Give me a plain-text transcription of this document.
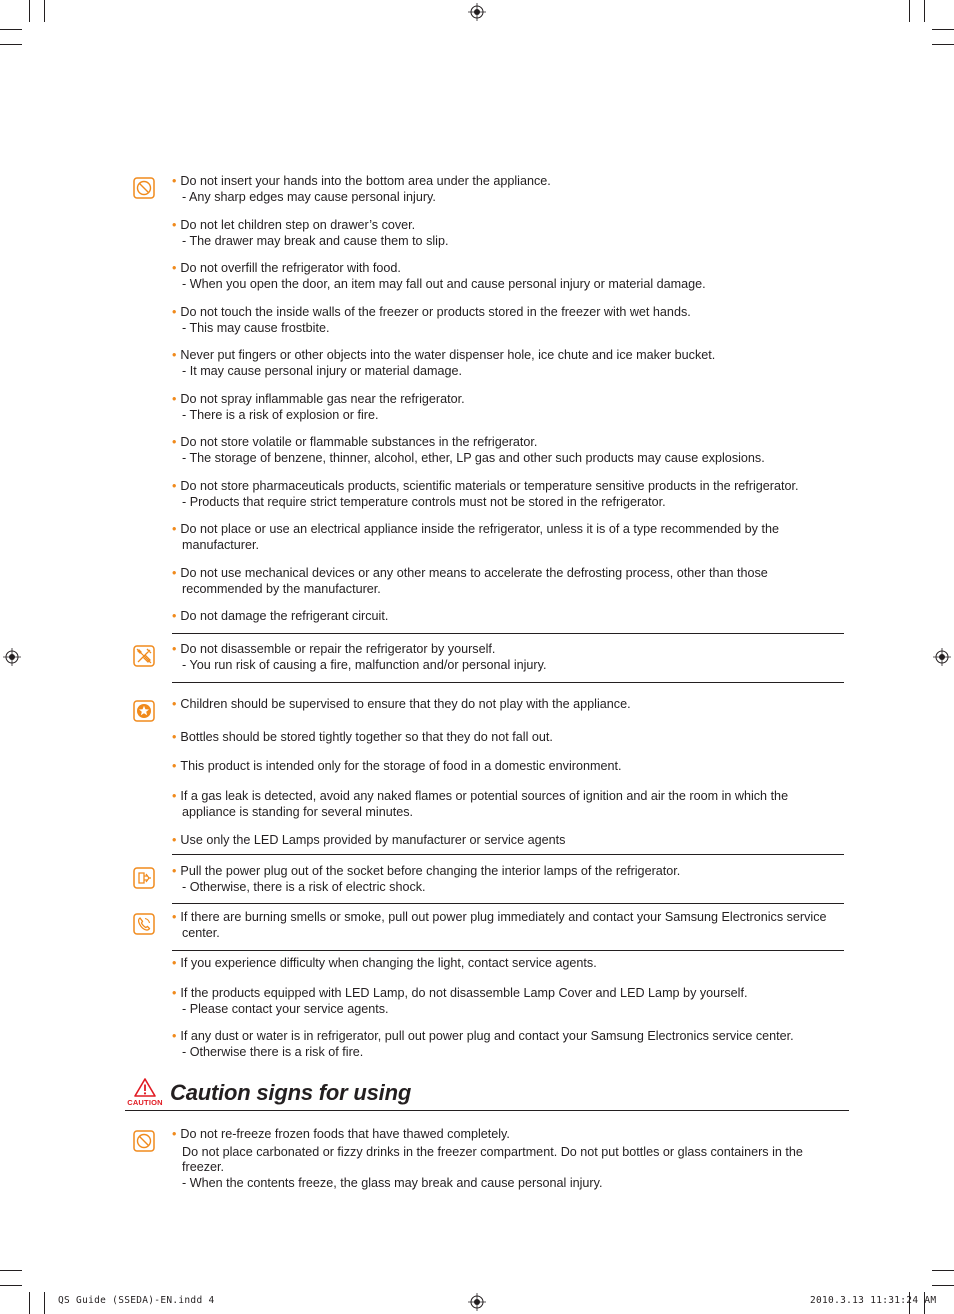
• Do not insert your hands into the bottom area under the appliance.
- Any sharp edges may cause personal injury.
• Do not let children step on drawer’s cover.
- The drawer may break and cause them to slip.
• Do not overfill the refrigerator with food.
- When you open the door, an item may fall out and cause personal injury or material damage.
• Do not touch the inside walls of the freezer or products stored in the freezer with wet hands.
- This may cause frostbite.
• Never put fingers or other objects into the water dispenser hole, ice chute and ice maker bucket.
- It may cause personal injury or material damage.
• Do not spray inflammable gas near the refrigerator.
- There is a risk of explosion or fire.
• Do not store volatile or flammable substances in the refrigerator.
- The storage of benzene, thinner, alcohol, ether, LP gas and other such products may cause explosions.
• Do not store pharmaceuticals products, scientific materials or temperature sensitive products in the refrigerator.
- Products that require strict temperature controls must not be stored in the refrigerator.
• Do not place or use an electrical appliance inside the refrigerator, unless it is of a type recommended by the manufacturer.
• Do not use mechanical devices or any other means to accelerate the defrosting process, other than those recommended by the manufacturer.
• Do not damage the refrigerant circuit.
• Do not disassemble or repair the refrigerator by yourself.
- You run risk of causing a fire, malfunction and/or personal injury.
• Children should be supervised to ensure that they do not play with the appliance.
• Bottles should be stored tightly together so that they do not fall out.
• This product is intended only for the storage of food in a domestic environment.
• If a gas leak is detected, avoid any naked flames or potential sources of ignition and air the room in which the appliance is standing for several minutes.
• Use only the LED Lamps provided by manufacturer or service agents
• Pull the power plug out of the socket before changing the interior lamps of the refrigerator.
- Otherwise, there is a risk of electric shock.
• If there are burning smells or smoke, pull out power plug immediately and contact your Samsung Electronics service center.
• If you experience difficulty when changing the light, contact service agents.
• If the products equipped with LED Lamp, do not disassemble Lamp Cover and LED Lamp by yourself.
- Please contact your service agents.
• If any dust or water is in refrigerator, pull out power plug and contact your Samsung Electronics service center.
- Otherwise there is a risk of fire.
CAUTION Caution signs for using
• Do not re-freeze frozen foods that have thawed completely.
Do not place carbonated or fizzy drinks in the freezer compartment. Do not put bottles or glass containers in the freezer.
- When the contents freeze, the glass may break and cause personal injury.
QS Guide (SSEDA)-EN.indd 4	2010.3.13 11:31:24 AM
